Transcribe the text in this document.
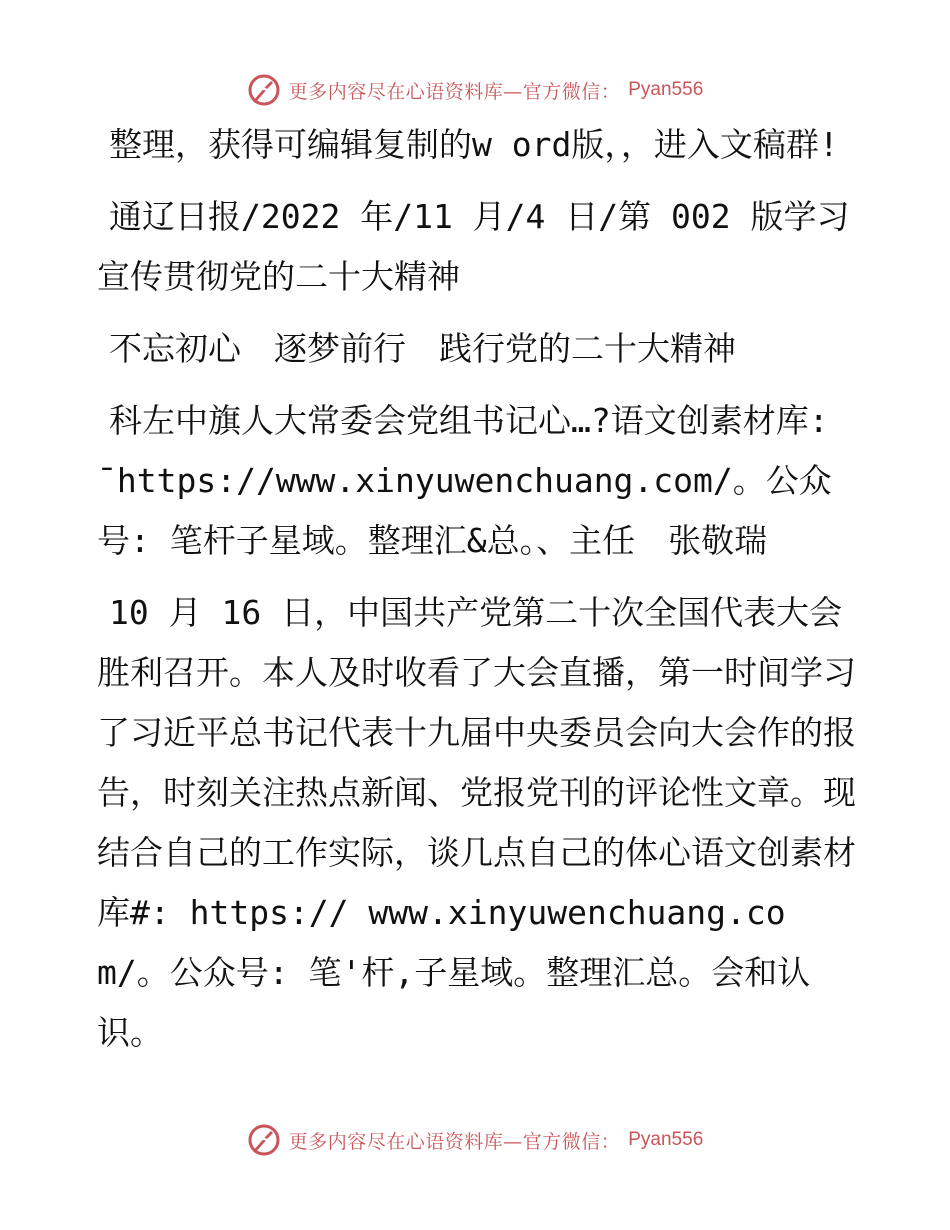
更多内容尽在心语资料库—官方微信： Pyan556

整理，获得可编辑复制的w ord版，，进入文稿群!

通辽日报/2022 年/11 月/4 日/第 002 版学习宣传贯彻党的二十大精神

不忘初心　逐梦前行　践行党的二十大精神

科左中旗人大常委会党组书记心…?语文创素材库: ¯https://www.xinyuwenchuang.com/。公众号: 笔杆子星域。整理汇&总。、主任　张敬瑞

10 月 16 日，中国共产党第二十次全国代表大会胜利召开。本人及时收看了大会直播，第一时间学习了习近平总书记代表十九届中央委员会向大会作的报告，时刻关注热点新闻、党报党刊的评论性文章。现结合自己的工作实际，谈几点自己的体心语文创素材库#: https:// www.xinyuwenchuang.com/。公众号: 笔'杆,子星域。整理汇总。会和认识。

更多内容尽在心语资料库—官方微信： Pyan556
